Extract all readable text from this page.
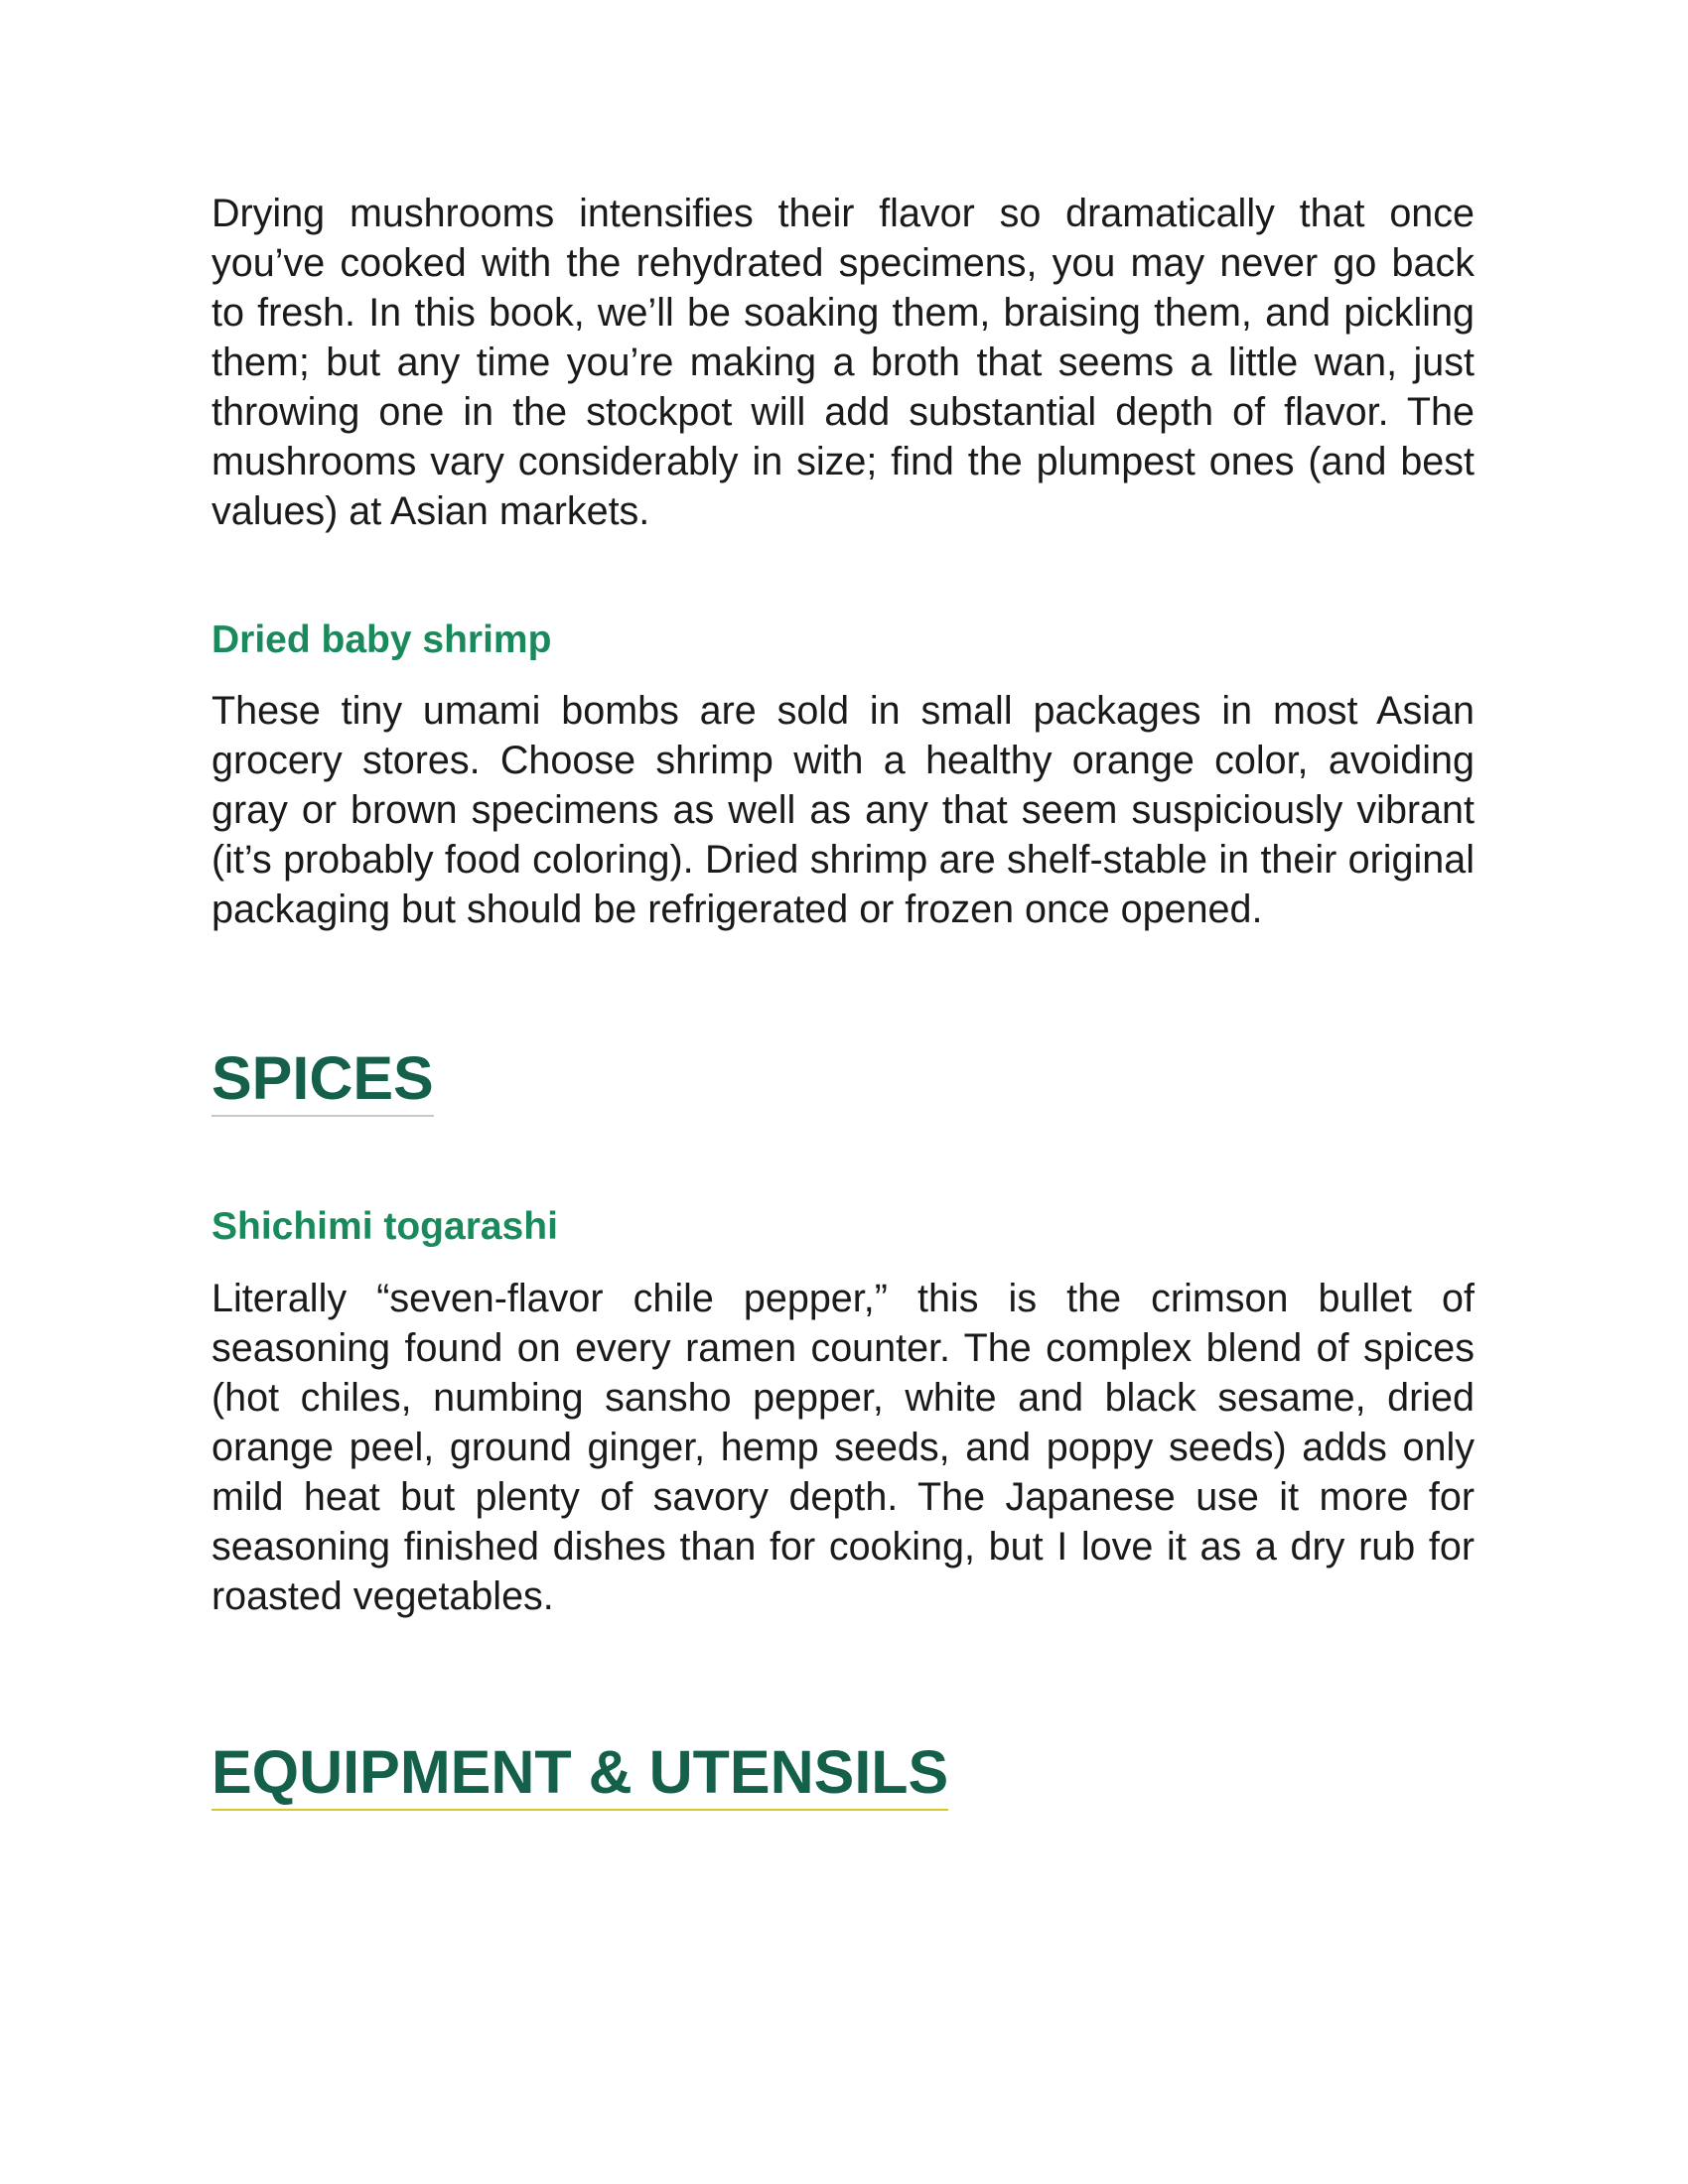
Drying mushrooms intensifies their flavor so dramatically that once you’ve cooked with the rehydrated specimens, you may never go back to fresh. In this book, we’ll be soaking them, braising them, and pickling them; but any time you’re making a broth that seems a little wan, just throwing one in the stockpot will add substantial depth of flavor. The mushrooms vary considerably in size; find the plumpest ones (and best values) at Asian markets.

Dried baby shrimp

These tiny umami bombs are sold in small packages in most Asian grocery stores. Choose shrimp with a healthy orange color, avoiding gray or brown specimens as well as any that seem suspiciously vibrant (it’s probably food coloring). Dried shrimp are shelf-stable in their original packaging but should be refrigerated or frozen once opened.

SPICES
Shichimi togarashi

Literally “seven-flavor chile pepper,” this is the crimson bullet of seasoning found on every ramen counter. The complex blend of spices (hot chiles, numbing sansho pepper, white and black sesame, dried orange peel, ground ginger, hemp seeds, and poppy seeds) adds only mild heat but plenty of savory depth. The Japanese use it more for seasoning finished dishes than for cooking, but I love it as a dry rub for roasted vegetables.

EQUIPMENT & UTENSILS
